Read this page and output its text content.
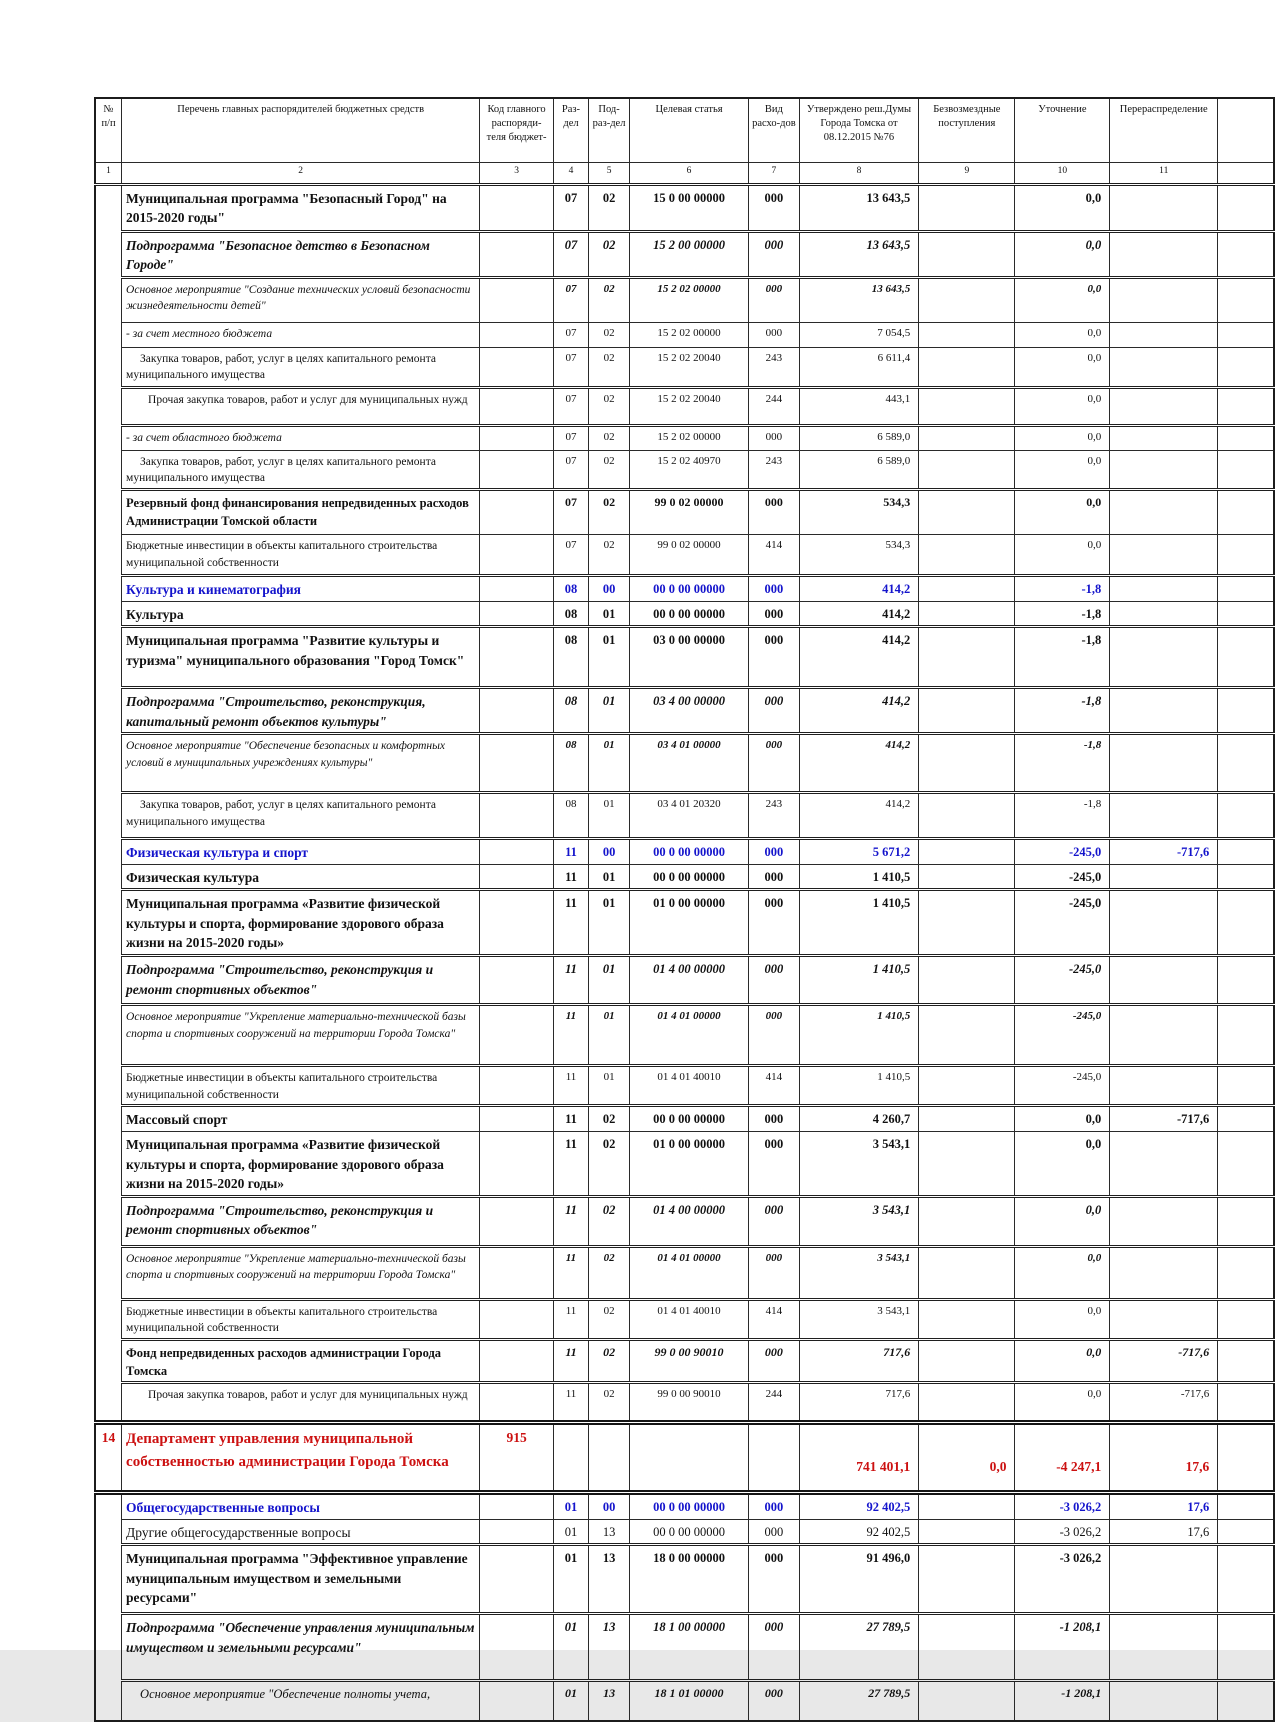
№ п/п	Перечень главных распорядителей бюджетных средств	Код главного распоряди-теля бюджет-	Раз-дел	Под-раз-дел	Целевая статья	Вид расхо-дов	Утверждено реш.Думы Города Томска от 08.12.2015 №76	Безвозмездные поступления	Уточнение	Перераспределение	
1	2	3	4	5	6	7	8	9	10	11	
	Муниципальная программа "Безопасный Город" на 2015-2020 годы"		07	02	15 0 00 00000	000	13 643,5		0,0		
	Подпрограмма "Безопасное детство в Безопасном Городе"		07	02	15 2 00 00000	000	13 643,5		0,0		
	Основное мероприятие "Создание технических условий безопасности жизнедеятельности детей"		07	02	15 2 02 00000	000	13 643,5		0,0		
	- за счет местного бюджета		07	02	15 2 02 00000	000	7 054,5		0,0		
	Закупка товаров, работ, услуг в целях капитального ремонта муниципального имущества		07	02	15 2 02 20040	243	6 611,4		0,0		
	Прочая закупка товаров, работ и услуг для муниципальных нужд		07	02	15 2 02 20040	244	443,1		0,0		
	- за счет областного бюджета		07	02	15 2 02 00000	000	6 589,0		0,0		
	Закупка товаров, работ, услуг в целях капитального ремонта муниципального имущества		07	02	15 2 02 40970	243	6 589,0		0,0		
	Резервный фонд финансирования непредвиденных расходов Администрации Томской области		07	02	99 0 02 00000	000	534,3		0,0		
	Бюджетные инвестиции в объекты капитального строительства муниципальной собственности		07	02	99 0 02 00000	414	534,3		0,0		
	Культура и кинематография		08	00	00 0 00 00000	000	414,2		-1,8		
	Культура		08	01	00 0 00 00000	000	414,2		-1,8		
	Муниципальная программа "Развитие культуры и туризма" муниципального образования "Город Томск"		08	01	03 0 00 00000	000	414,2		-1,8		
	Подпрограмма "Строительство, реконструкция, капитальный ремонт объектов культуры"		08	01	03 4 00 00000	000	414,2		-1,8		
	Основное мероприятие "Обеспечение безопасных и комфортных условий в муниципальных учреждениях культуры"		08	01	03 4 01 00000	000	414,2		-1,8		
	Закупка товаров, работ, услуг в целях капитального ремонта муниципального имущества		08	01	03 4 01 20320	243	414,2		-1,8		
	Физическая культура и спорт		11	00	00 0 00 00000	000	5 671,2		-245,0	-717,6	
	Физическая культура		11	01	00 0 00 00000	000	1 410,5		-245,0		
	Муниципальная программа «Развитие физической культуры и спорта, формирование здорового образа жизни на 2015-2020 годы»		11	01	01 0 00 00000	000	1 410,5		-245,0		
	Подпрограмма "Строительство, реконструкция и ремонт спортивных объектов"		11	01	01 4 00 00000	000	1 410,5		-245,0		
	Основное мероприятие "Укрепление материально-технической базы спорта и спортивных сооружений на территории Города Томска"		11	01	01 4 01 00000	000	1 410,5		-245,0		
	Бюджетные инвестиции в объекты капитального строительства муниципальной собственности		11	01	01 4 01 40010	414	1 410,5		-245,0		
	Массовый спорт		11	02	00 0 00 00000	000	4 260,7		0,0	-717,6	
	Муниципальная программа «Развитие физической культуры и спорта, формирование здорового образа жизни на 2015-2020 годы»		11	02	01 0 00 00000	000	3 543,1		0,0		
	Подпрограмма "Строительство, реконструкция и ремонт спортивных объектов"		11	02	01 4 00 00000	000	3 543,1		0,0		
	Основное мероприятие "Укрепление материально-технической базы спорта и спортивных сооружений на территории Города Томска"		11	02	01 4 01 00000	000	3 543,1		0,0		
	Бюджетные инвестиции в объекты капитального строительства муниципальной собственности		11	02	01 4 01 40010	414	3 543,1		0,0		
	Фонд непредвиденных расходов администрации Города Томска		11	02	99 0 00 90010	000	717,6		0,0	-717,6	
	Прочая закупка товаров, работ и услуг для муниципальных нужд		11	02	99 0 00 90010	244	717,6		0,0	-717,6	
14	Департамент управления муниципальной собственностью администрации Города Томска	915					741 401,1	0,0	-4 247,1	17,6	
	Общегосударственные вопросы		01	00	00 0 00 00000	000	92 402,5		-3 026,2	17,6	
	Другие общегосударственные вопросы		01	13	00 0 00 00000	000	92 402,5		-3 026,2	17,6	
	Муниципальная программа "Эффективное управление муниципальным имуществом и земельными ресурсами"		01	13	18 0 00 00000	000	91 496,0		-3 026,2		
	Подпрограмма "Обеспечение управления муниципальным имуществом и земельными ресурсами"		01	13	18 1 00 00000	000	27 789,5		-1 208,1		
	Основное мероприятие "Обеспечение полноты учета,		01	13	18 1 01 00000	000	27 789,5		-1 208,1		
